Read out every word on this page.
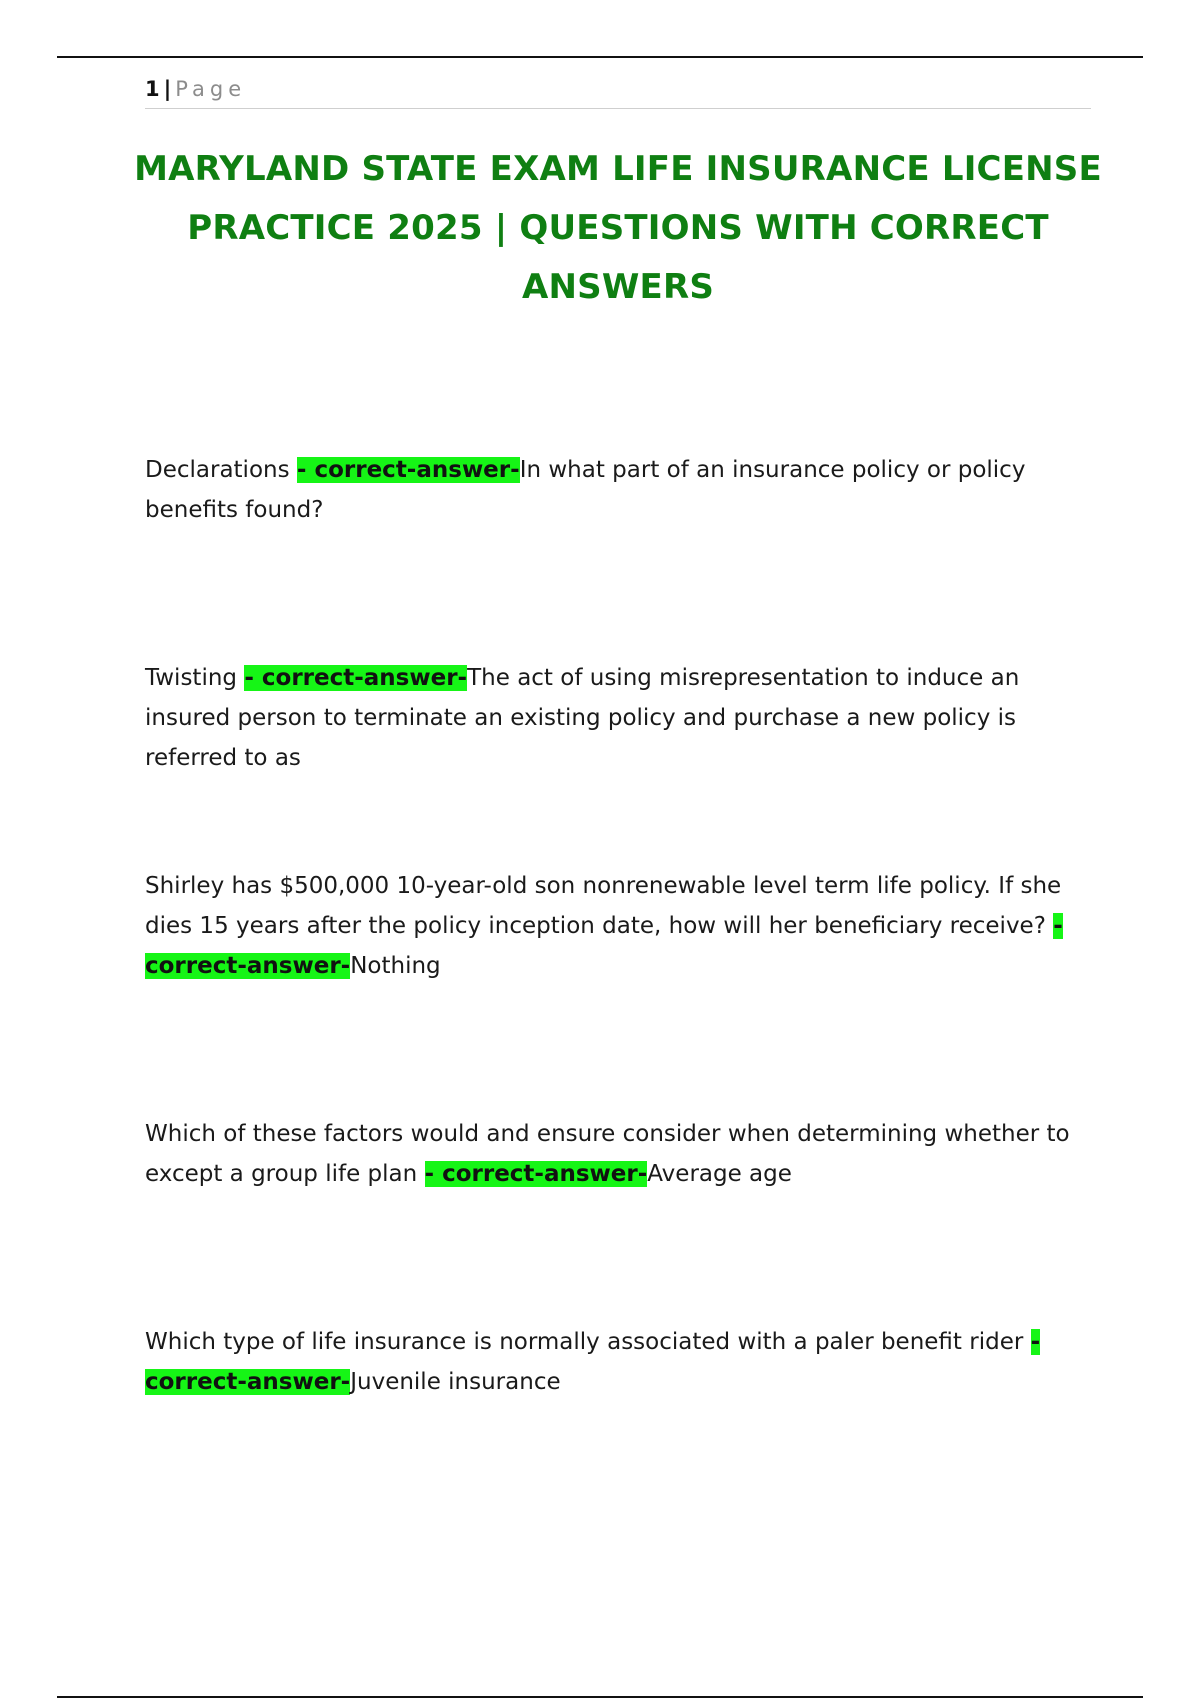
1 | Page
MARYLAND STATE EXAM LIFE INSURANCE LICENSE PRACTICE 2025 | QUESTIONS WITH CORRECT ANSWERS

Declarations - correct-answer-In what part of an insurance policy or policy benefits found?

Twisting - correct-answer-The act of using misrepresentation to induce an insured person to terminate an existing policy and purchase a new policy is referred to as

Shirley has $500,000 10-year-old son nonrenewable level term life policy. If she dies 15 years after the policy inception date, how will her beneficiary receive? - correct-answer-Nothing

Which of these factors would and ensure consider when determining whether to except a group life plan - correct-answer-Average age

Which type of life insurance is normally associated with a paler benefit rider - correct-answer-Juvenile insurance
